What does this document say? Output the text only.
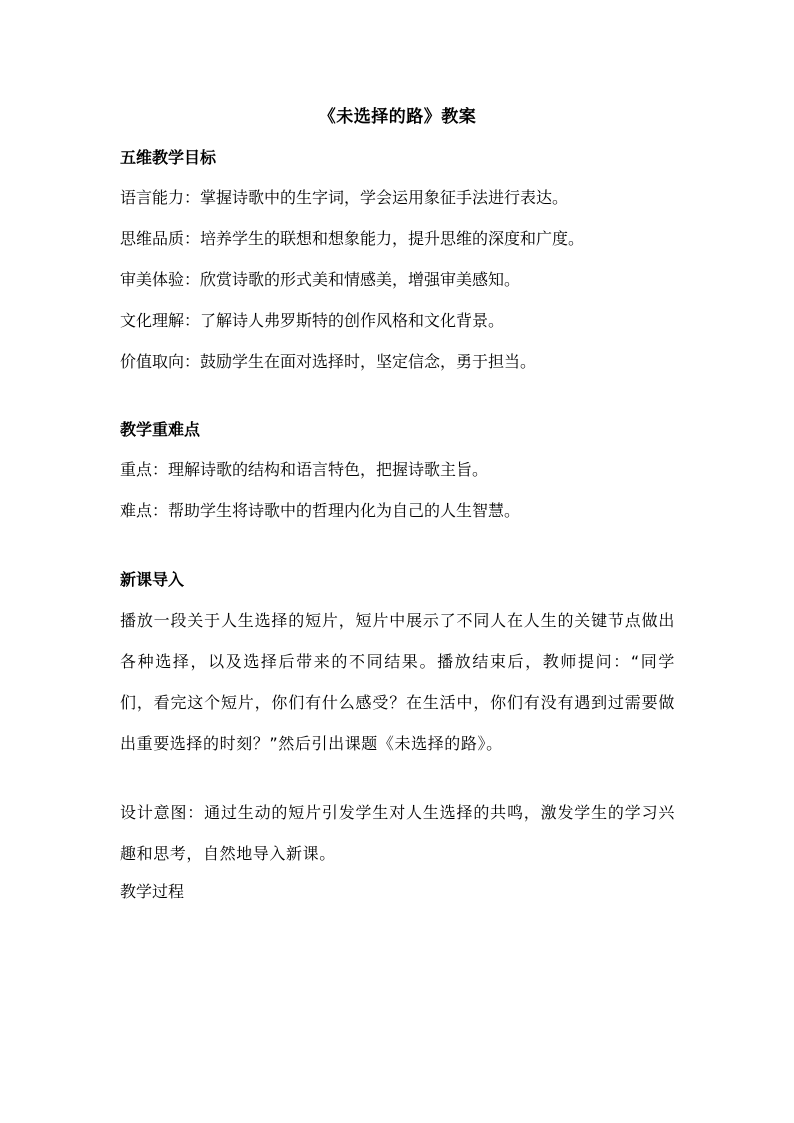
《未选择的路》教案
五维教学目标
语言能力：掌握诗歌中的生字词，学会运用象征手法进行表达。
思维品质：培养学生的联想和想象能力，提升思维的深度和广度。
审美体验：欣赏诗歌的形式美和情感美，增强审美感知。
文化理解：了解诗人弗罗斯特的创作风格和文化背景。
价值取向：鼓励学生在面对选择时，坚定信念，勇于担当。
教学重难点
重点：理解诗歌的结构和语言特色，把握诗歌主旨。
难点：帮助学生将诗歌中的哲理内化为自己的人生智慧。
新课导入

播放一段关于人生选择的短片，短片中展示了不同人在人生的关键节点做出各种选择，以及选择后带来的不同结果。播放结束后，教师提问：“同学们，看完这个短片，你们有什么感受？在生活中，你们有没有遇到过需要做出重要选择的时刻？”然后引出课题《未选择的路》。

设计意图：通过生动的短片引发学生对人生选择的共鸣，激发学生的学习兴趣和思考，自然地导入新课。

教学过程
